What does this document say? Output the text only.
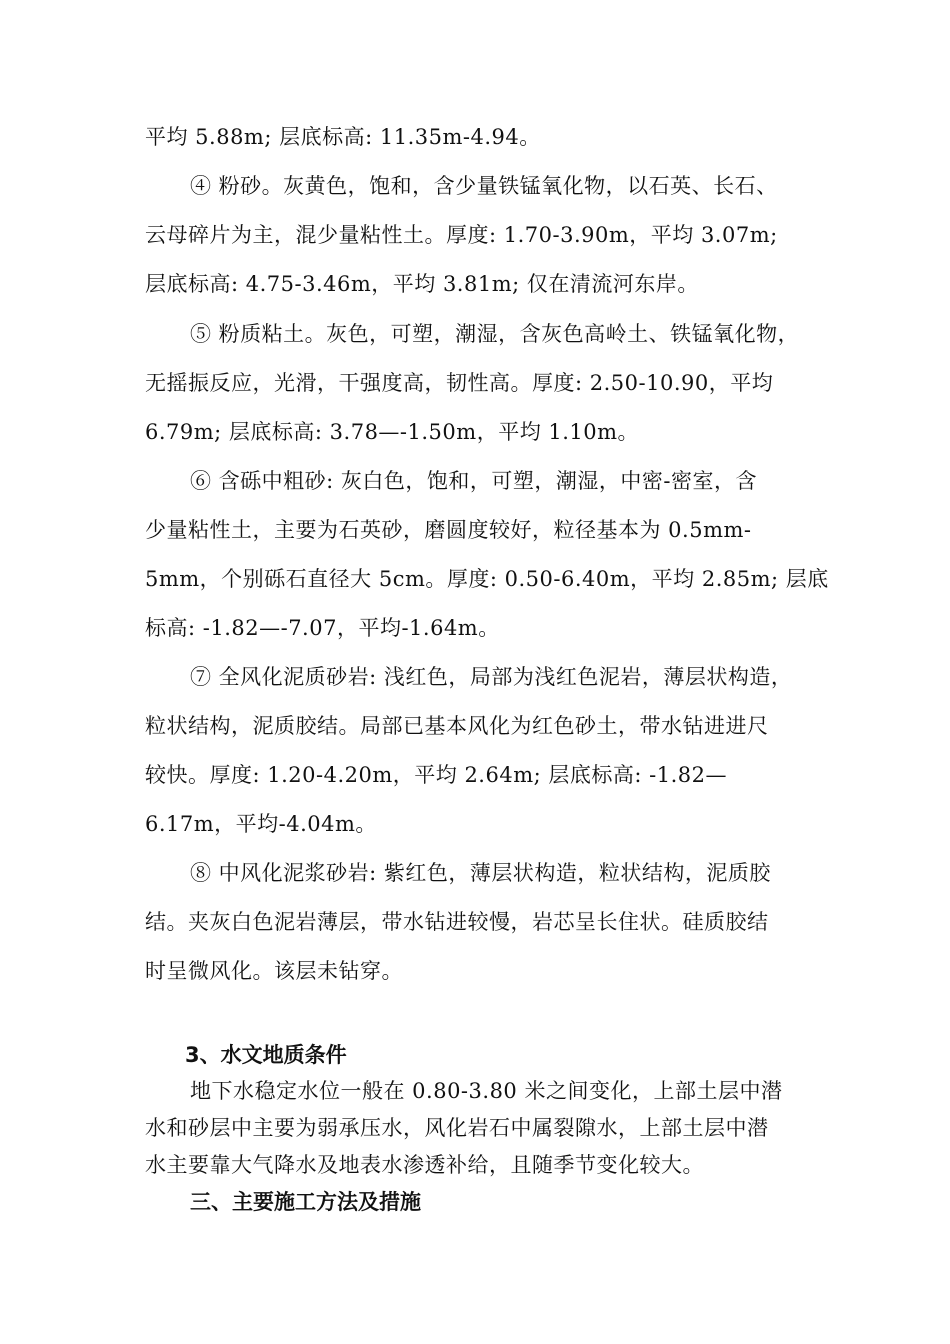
平均 5.88m; 层底标高: 11.35m-4.94。
④ 粉砂。灰黄色，饱和，含少量铁锰氧化物，以石英、长石、
云母碎片为主，混少量粘性土。厚度: 1.70-3.90m，平均 3.07m;
层底标高: 4.75-3.46m，平均 3.81m; 仅在清流河东岸。
⑤ 粉质粘土。灰色，可塑，潮湿，含灰色高岭土、铁锰氧化物，
无摇振反应，光滑，干强度高，韧性高。厚度: 2.50-10.90，平均
6.79m; 层底标高: 3.78—-1.50m，平均 1.10m。
⑥ 含砾中粗砂: 灰白色，饱和，可塑，潮湿，中密-密室，含
少量粘性土，主要为石英砂，磨圆度较好，粒径基本为 0.5mm-
5mm，个别砾石直径大 5cm。厚度: 0.50-6.40m，平均 2.85m; 层底
标高: -1.82—-7.07，平均-1.64m。
⑦ 全风化泥质砂岩: 浅红色，局部为浅红色泥岩，薄层状构造，
粒状结构，泥质胶结。局部已基本风化为红色砂土，带水钻进进尺
较快。厚度: 1.20-4.20m，平均 2.64m; 层底标高: -1.82—
6.17m，平均-4.04m。
⑧ 中风化泥浆砂岩: 紫红色，薄层状构造，粒状结构，泥质胶
结。夹灰白色泥岩薄层，带水钻进较慢，岩芯呈长住状。硅质胶结
时呈微风化。该层未钻穿。
3、水文地质条件
地下水稳定水位一般在 0.80-3.80 米之间变化，上部土层中潜
水和砂层中主要为弱承压水，风化岩石中属裂隙水，上部土层中潜
水主要靠大气降水及地表水渗透补给，且随季节变化较大。
三、主要施工方法及措施
